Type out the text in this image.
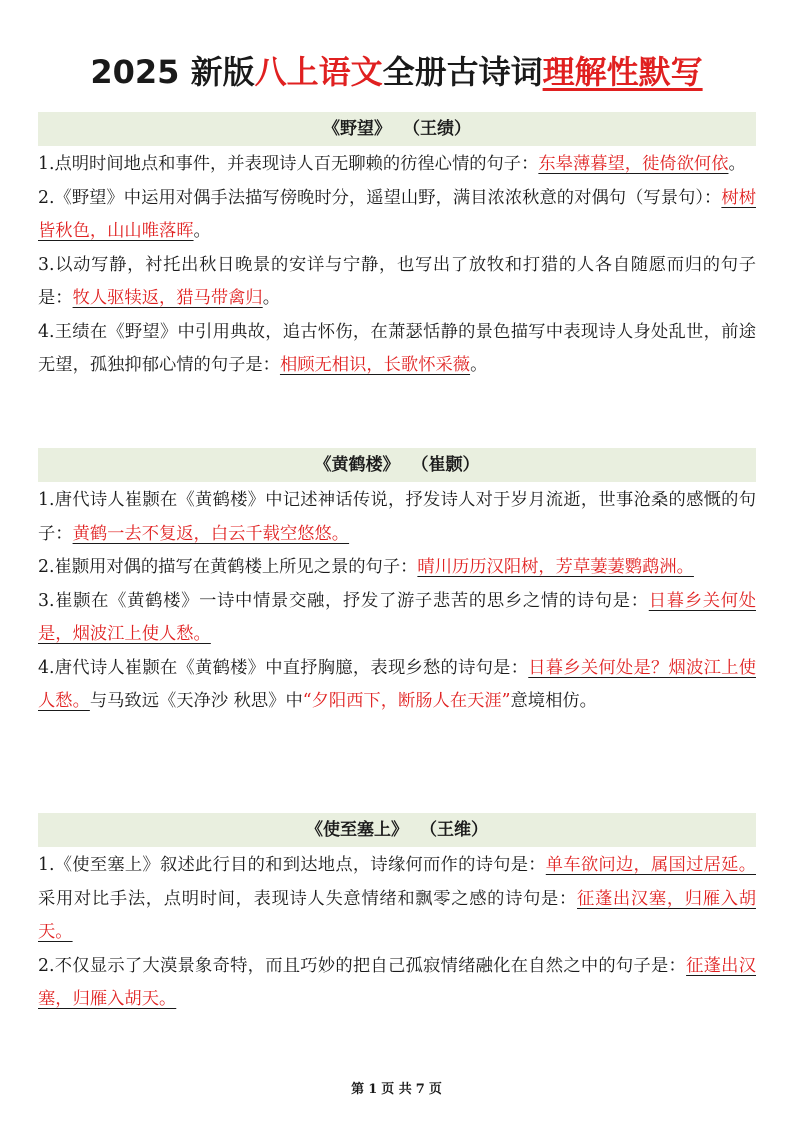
2025 新版八上语文全册古诗词理解性默写
《野望》 （王绩）

1.点明时间地点和事件，并表现诗人百无聊赖的彷徨心情的句子：东皋薄暮望，徙倚欲何依。

2.《野望》中运用对偶手法描写傍晚时分，遥望山野，满目浓浓秋意的对偶句（写景句）：树树皆秋色，山山唯落晖。

3.以动写静，衬托出秋日晚景的安详与宁静，也写出了放牧和打猎的人各自随愿而归的句子是：牧人驱犊返，猎马带禽归。

4.王绩在《野望》中引用典故，追古怀伤，在萧瑟恬静的景色描写中表现诗人身处乱世，前途无望，孤独抑郁心情的句子是：相顾无相识，长歌怀采薇。

《黄鹤楼》 （崔颢）

1.唐代诗人崔颢在《黄鹤楼》中记述神话传说，抒发诗人对于岁月流逝，世事沧桑的感慨的句子：黄鹤一去不复返，白云千载空悠悠。

2.崔颢用对偶的描写在黄鹤楼上所见之景的句子：晴川历历汉阳树，芳草萋萋鹦鹉洲。

3.崔颢在《黄鹤楼》一诗中情景交融，抒发了游子悲苦的思乡之情的诗句是：日暮乡关何处是，烟波江上使人愁。

4.唐代诗人崔颢在《黄鹤楼》中直抒胸臆，表现乡愁的诗句是：日暮乡关何处是？烟波江上使人愁。与马致远《天净沙 秋思》中“夕阳西下，断肠人在天涯”意境相仿。

《使至塞上》 （王维）

1.《使至塞上》叙述此行目的和到达地点，诗缘何而作的诗句是：单车欲问边，属国过居延。采用对比手法，点明时间，表现诗人失意情绪和飘零之感的诗句是：征蓬出汉塞，归雁入胡天。

2.不仅显示了大漠景象奇特，而且巧妙的把自己孤寂情绪融化在自然之中的句子是：征蓬出汉塞，归雁入胡天。

第 1 页 共 7 页
